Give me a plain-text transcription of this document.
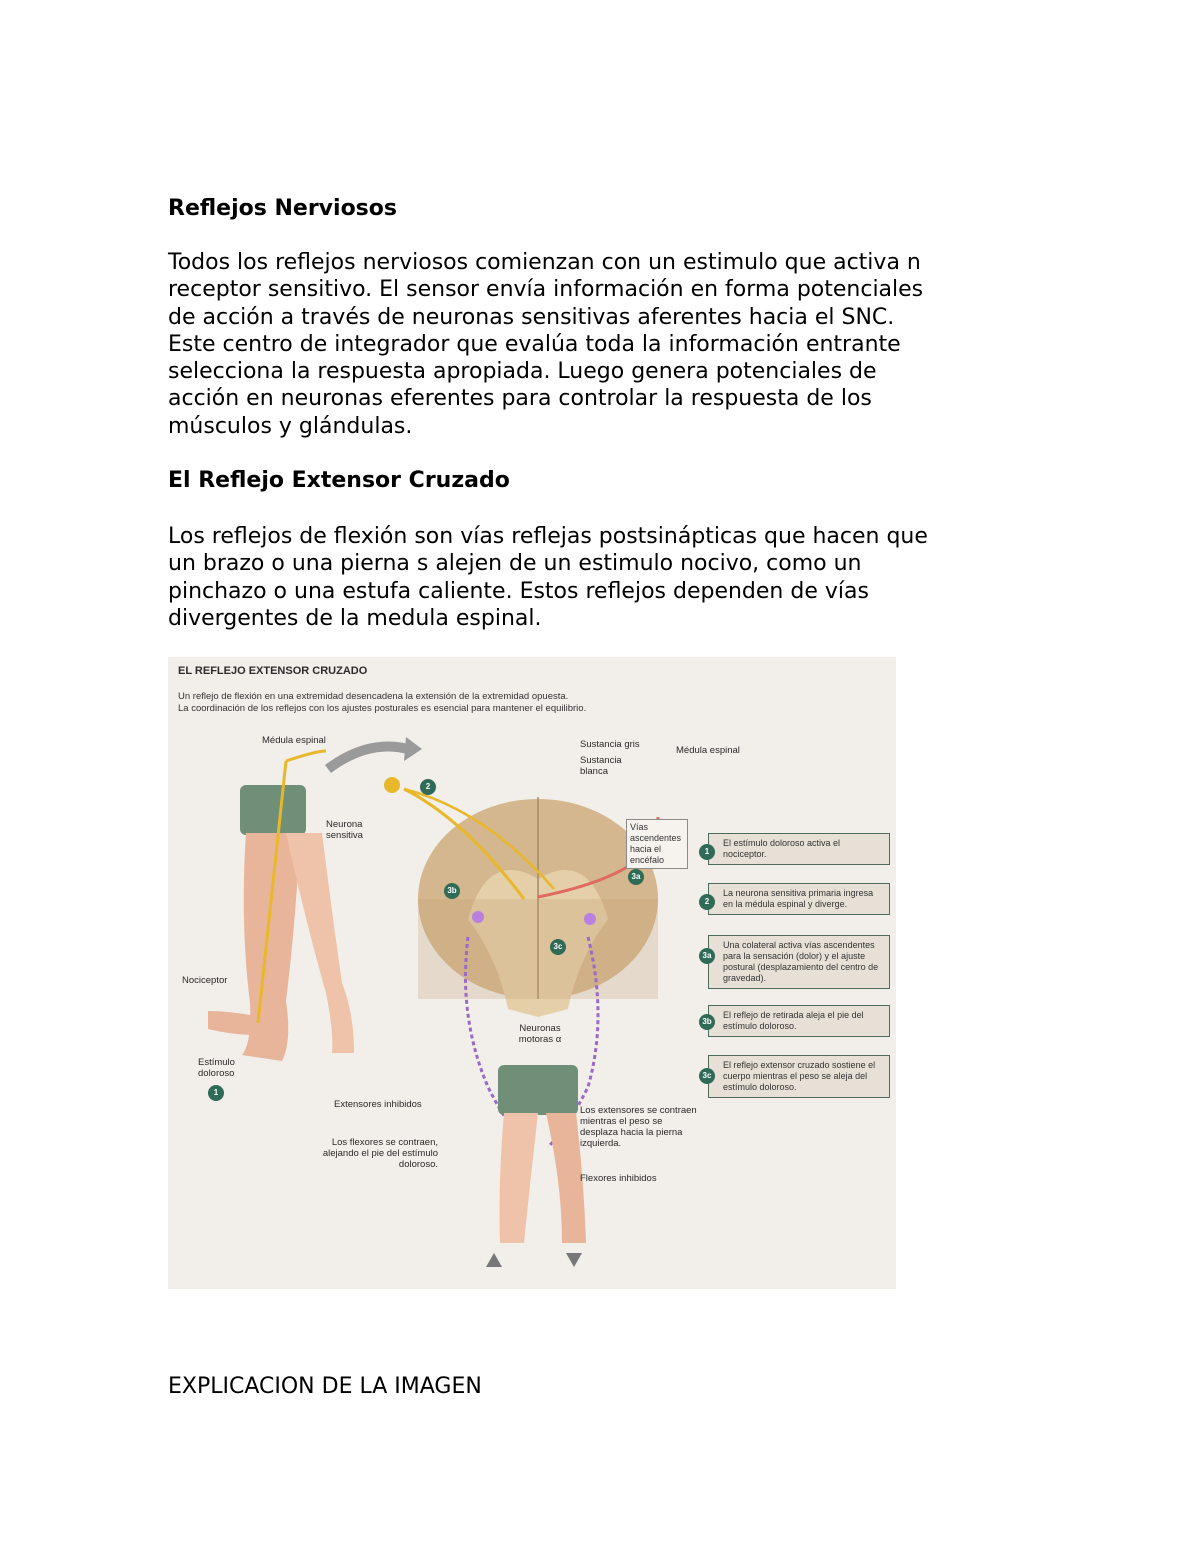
Reflejos Nerviosos

Todos los reflejos nerviosos comienzan con un estimulo que activa n
receptor sensitivo. El sensor envía información en forma potenciales
de acción a través de neuronas sensitivas aferentes hacia el SNC.
Este centro de integrador que evalúa toda la información entrante
selecciona la respuesta apropiada. Luego genera potenciales de
acción en neuronas eferentes para controlar la respuesta de los
músculos y glándulas.

El Reflejo Extensor Cruzado

Los reflejos de flexión son vías reflejas postsinápticas que hacen que
un brazo o una pierna s alejen de un estimulo nocivo, como un
pinchazo o una estufa caliente. Estos reflejos dependen de vías
divergentes de la medula espinal.

EL REFLEJO EXTENSOR CRUZADO

Un reflejo de flexión en una extremidad desencadena la extensión de la extremidad opuesta.
La coordinación de los reflejos con los ajustes posturales es esencial para mantener el equilibrio.

Médula espinal

Neurona sensitiva

Nociceptor

Estímulo doloroso

Sustancia gris

Sustancia blanca

Médula espinal

Vías ascendentes hacia el encéfalo

Neuronas motoras α

Extensores inhibidos

Los flexores se contraen, alejando el pie del estímulo doloroso.

Los extensores se contraen mientras el peso se desplaza hacia la pierna izquierda.

Flexores inhibidos

1
2
3a
3b
3c
1
El estímulo doloroso activa el nociceptor.
2
La neurona sensitiva primaria ingresa en la médula espinal y diverge.
3a
Una colateral activa vías ascendentes para la sensación (dolor) y el ajuste postural (desplazamiento del centro de gravedad).
3b
El reflejo de retirada aleja el pie del estímulo doloroso.
3c
El reflejo extensor cruzado sostiene el cuerpo mientras el peso se aleja del estímulo doloroso.

EXPLICACION DE LA IMAGEN
